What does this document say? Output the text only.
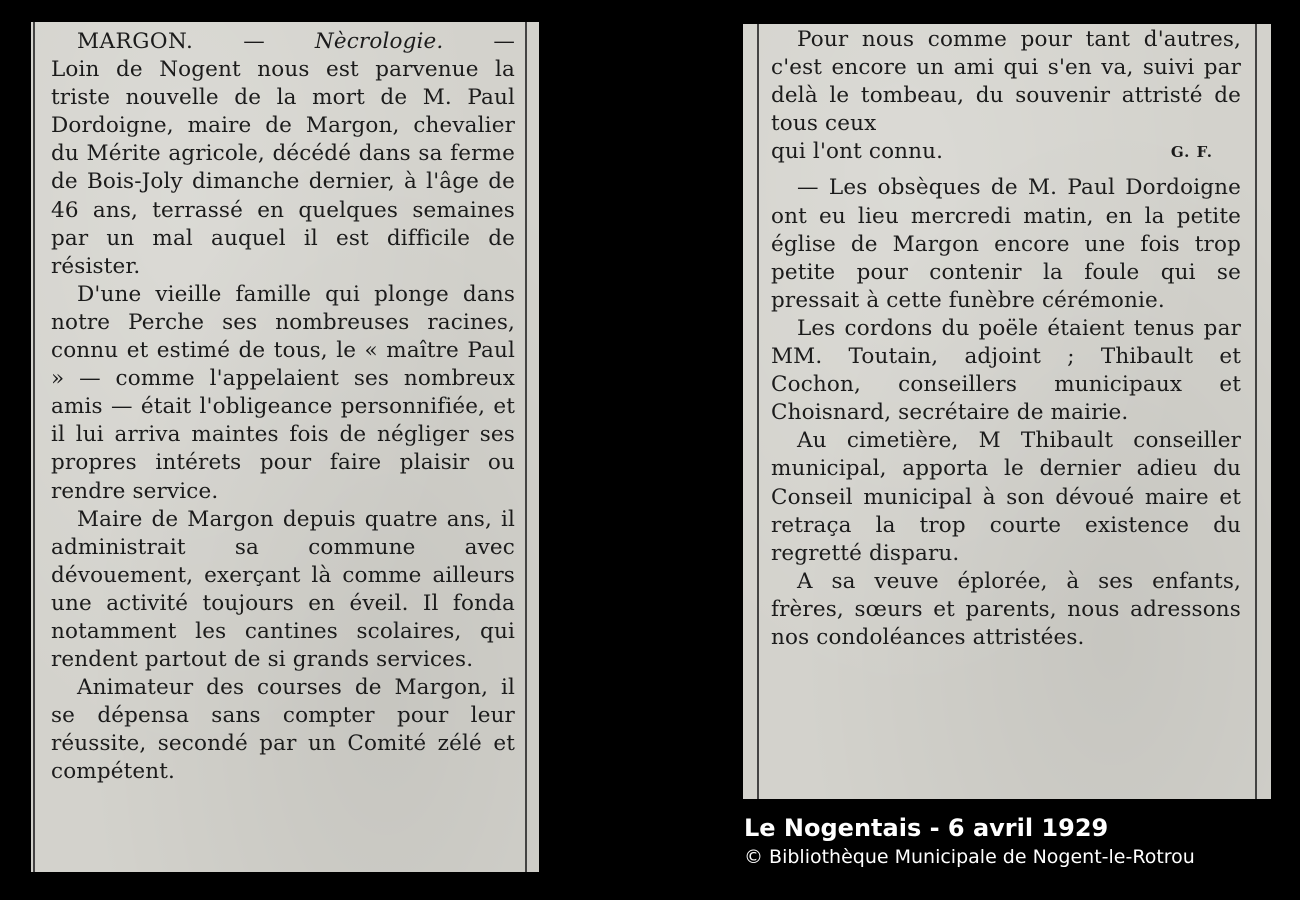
MARGON. — Nècrologie. —

Loin de Nogent nous est parvenue la triste nouvelle de la mort de M. Paul Dordoigne, maire de Margon, chevalier du Mérite agricole, décédé dans sa ferme de Bois-Joly dimanche dernier, à l'âge de 46 ans, terrassé en quelques semaines par un mal auquel il est difficile de résister.

D'une vieille famille qui plonge dans notre Perche ses nombreuses racines, connu et estimé de tous, le « maître Paul » — comme l'appelaient ses nombreux amis — était l'obligeance personnifiée, et il lui arriva maintes fois de négliger ses propres intérets pour faire plaisir ou rendre service.

Maire de Margon depuis quatre ans, il administrait sa commune avec dévouement, exerçant là comme ailleurs une activité toujours en éveil. Il fonda notamment les cantines scolaires, qui rendent partout de si grands services.

Animateur des courses de Margon, il se dépensa sans compter pour leur réussite, secondé par un Comité zélé et compétent.

Pour nous comme pour tant d'autres, c'est encore un ami qui s'en va, suivi par delà le tombeau, du souvenir attristé de tous ceux

qui l'ont connu.	G. F.

— Les obsèques de M. Paul Dordoigne ont eu lieu mercredi matin, en la petite église de Margon encore une fois trop petite pour contenir la foule qui se pressait à cette funèbre cérémonie.

Les cordons du poële étaient tenus par MM. Toutain, adjoint ; Thibault et Cochon, conseillers municipaux et Choisnard, secrétaire de mairie.

Au cimetière, M Thibault conseiller municipal, apporta le dernier adieu du Conseil municipal à son dévoué maire et retraça la trop courte existence du regretté disparu.

A sa veuve éplorée, à ses enfants, frères, sœurs et parents, nous adressons nos condoléances attristées.

Le Nogentais - 6 avril 1929
© Bibliothèque Municipale de Nogent-le-Rotrou
